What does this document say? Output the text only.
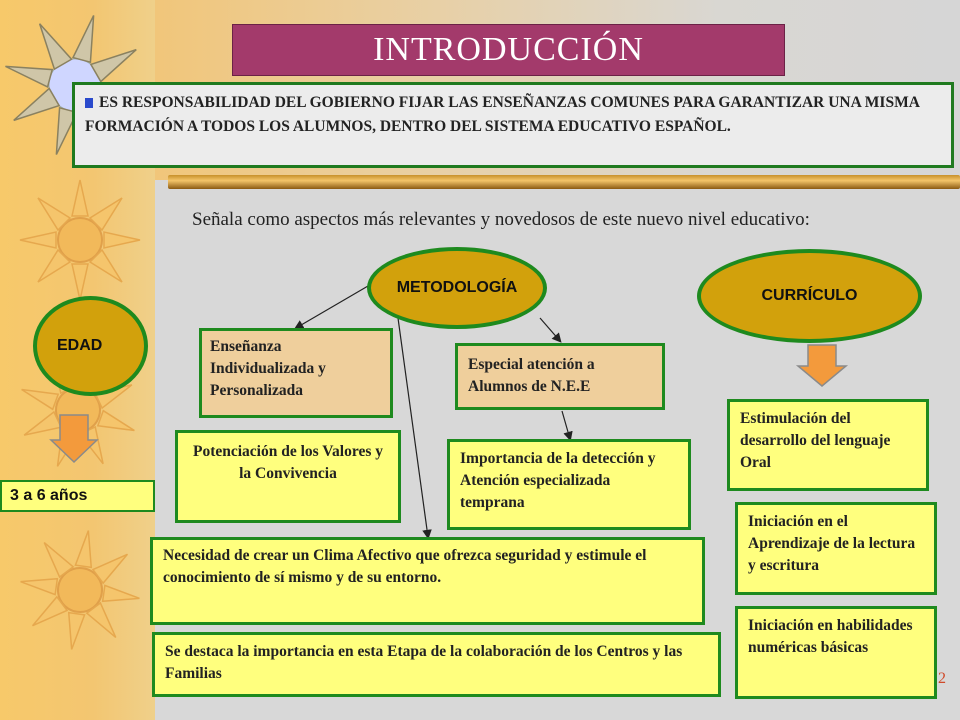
INTRODUCCIÓN
ES RESPONSABILIDAD DEL GOBIERNO FIJAR LAS ENSEÑANZAS COMUNES PARA GARANTIZAR UNA MISMA FORMACIÓN A TODOS LOS ALUMNOS, DENTRO DEL SISTEMA EDUCATIVO ESPAÑOL.
Señala como aspectos más relevantes y novedosos de este nuevo nivel educativo:
EDAD
3 a 6 años
METODOLOGÍA	CURRÍCULO
Enseñanza Individualizada y Personalizada
Especial atención a Alumnos de N.E.E
Potenciación de los Valores y la Convivencia
Importancia de la detección y Atención especializada temprana
Necesidad de crear un Clima Afectivo que ofrezca seguridad y estimule el conocimiento de sí mismo y de su entorno.
Se destaca la importancia en esta Etapa de la colaboración de los Centros y las Familias
Estimulación del desarrollo del lenguaje Oral
Iniciación en el Aprendizaje de la lectura y escritura
Iniciación en habilidades numéricas básicas
2
